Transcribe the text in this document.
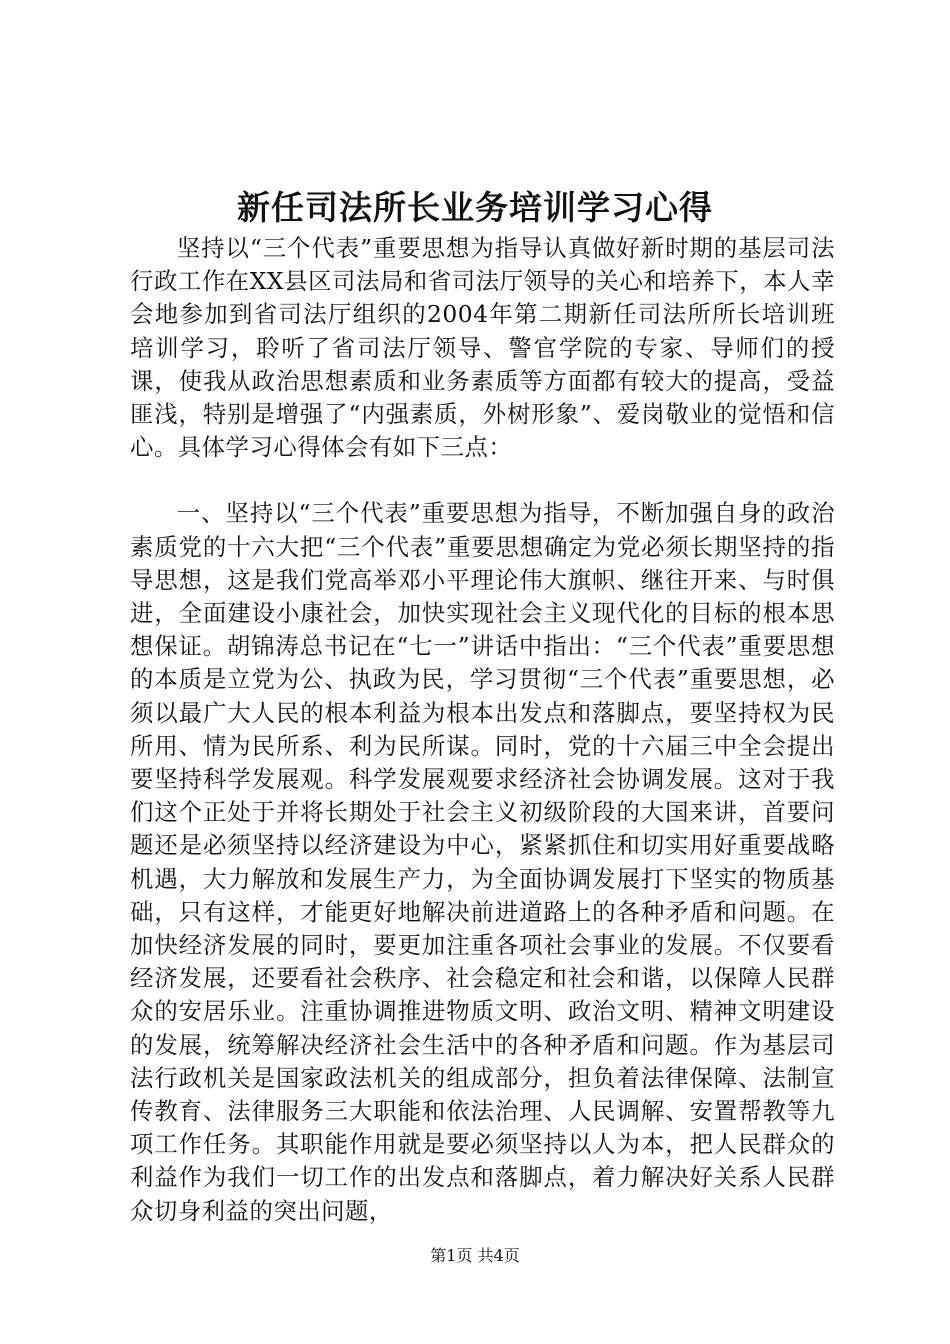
新任司法所长业务培训学习心得

坚持以“三个代表”重要思想为指导认真做好新时期的基层司法行政工作在XX县区司法局和省司法厅领导的关心和培养下，本人幸会地参加到省司法厅组织的2004年第二期新任司法所所长培训班培训学习，聆听了省司法厅领导、警官学院的专家、导师们的授课，使我从政治思想素质和业务素质等方面都有较大的提高，受益匪浅，特别是增强了“内强素质，外树形象”、爱岗敬业的觉悟和信心。具体学习心得体会有如下三点：

一、坚持以“三个代表”重要思想为指导，不断加强自身的政治素质党的十六大把“三个代表”重要思想确定为党必须长期坚持的指导思想，这是我们党高举邓小平理论伟大旗帜、继往开来、与时俱进，全面建设小康社会，加快实现社会主义现代化的目标的根本思想保证。胡锦涛总书记在“七一”讲话中指出：“三个代表”重要思想的本质是立党为公、执政为民，学习贯彻“三个代表”重要思想，必须以最广大人民的根本利益为根本出发点和落脚点，要坚持权为民所用、情为民所系、利为民所谋。同时，党的十六届三中全会提出要坚持科学发展观。科学发展观要求经济社会协调发展。这对于我们这个正处于并将长期处于社会主义初级阶段的大国来讲，首要问题还是必须坚持以经济建设为中心，紧紧抓住和切实用好重要战略机遇，大力解放和发展生产力，为全面协调发展打下坚实的物质基础，只有这样，才能更好地解决前进道路上的各种矛盾和问题。在加快经济发展的同时，要更加注重各项社会事业的发展。不仅要看经济发展，还要看社会秩序、社会稳定和社会和谐，以保障人民群众的安居乐业。注重协调推进物质文明、政治文明、精神文明建设的发展，统筹解决经济社会生活中的各种矛盾和问题。作为基层司法行政机关是国家政法机关的组成部分，担负着法律保障、法制宣传教育、法律服务三大职能和依法治理、人民调解、安置帮教等九项工作任务。其职能作用就是要必须坚持以人为本，把人民群众的利益作为我们一切工作的出发点和落脚点，着力解决好关系人民群众切身利益的突出问题，

第1页 共4页
